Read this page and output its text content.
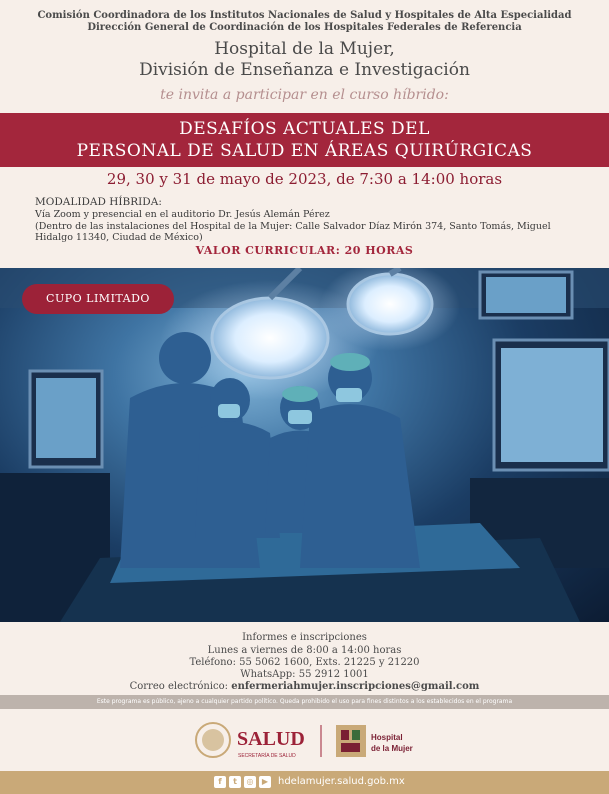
Comisión Coordinadora de los Institutos Nacionales de Salud y Hospitales de Alta Especialidad
Dirección General de Coordinación de los Hospitales Federales de Referencia
Hospital de la Mujer,
División de Enseñanza e Investigación
te invita a participar en el curso híbrido:
DESAFÍOS ACTUALES DEL
PERSONAL DE SALUD EN ÁREAS QUIRÚRGICAS
29, 30 y 31 de mayo de 2023, de 7:30 a 14:00 horas
MODALIDAD HÍBRIDA:
Vía Zoom y presencial en el auditorio Dr. Jesús Alemán Pérez
(Dentro de las instalaciones del Hospital de la Mujer: Calle Salvador Díaz Mirón 374, Santo Tomás, Miguel
Hidalgo 11340, Ciudad de México)
VALOR CURRICULAR: 20 HORAS
CUPO LIMITADO
Informes e inscripciones
Lunes a viernes de 8:00 a 14:00 horas
Teléfono: 55 5062 1600, Exts. 21225 y 21220
WhatsApp: 55 2912 1001
Correo electrónico: enfermeriahmujer.inscripciones@gmail.com
Este programa es público, ajeno a cualquier partido político. Queda prohibido el uso para fines distintos a los establecidos en el programa
SALUD
SECRETARÍA DE SALUD
Hospital
de la Mujer
f	t	◎	▶ hdelamujer.salud.gob.mx
